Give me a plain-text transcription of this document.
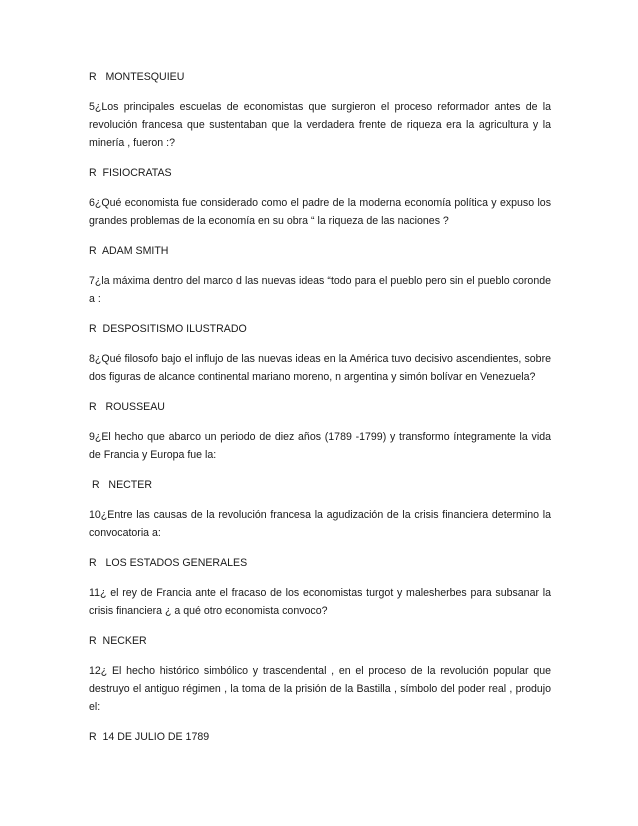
R   MONTESQUIEU

5¿Los principales escuelas de economistas que surgieron el proceso reformador antes de la revolución francesa que sustentaban que la verdadera frente de riqueza era la agricultura y la minería , fueron :?

R  FISIOCRATAS

6¿Qué economista fue considerado como el padre de la moderna economía política y expuso los grandes problemas de la economía en su obra “ la riqueza de las naciones ?

R  ADAM SMITH

7¿la máxima dentro del marco d las nuevas ideas “todo para el pueblo pero sin el pueblo coronde a :

R  DESPOSITISMO ILUSTRADO

8¿Qué filosofo bajo el influjo de las nuevas ideas en la América tuvo decisivo ascendientes, sobre dos figuras de alcance continental mariano moreno, n argentina y simón bolívar en Venezuela?

R   ROUSSEAU

9¿El hecho que abarco un periodo de diez años (1789 -1799) y transformo íntegramente la vida de Francia y Europa fue la:

R   NECTER

10¿Entre las causas de la revolución francesa la agudización de la crisis financiera determino la convocatoria a:

R   LOS ESTADOS GENERALES

11¿ el rey de Francia ante el fracaso de los economistas turgot y malesherbes para subsanar la crisis financiera ¿ a qué otro economista convoco?

R  NECKER

12¿ El hecho histórico simbólico y trascendental , en el proceso de la revolución popular que destruyo el antiguo régimen , la toma de la prisión de la Bastilla , símbolo del poder real , produjo el:

R  14 DE JULIO DE 1789
